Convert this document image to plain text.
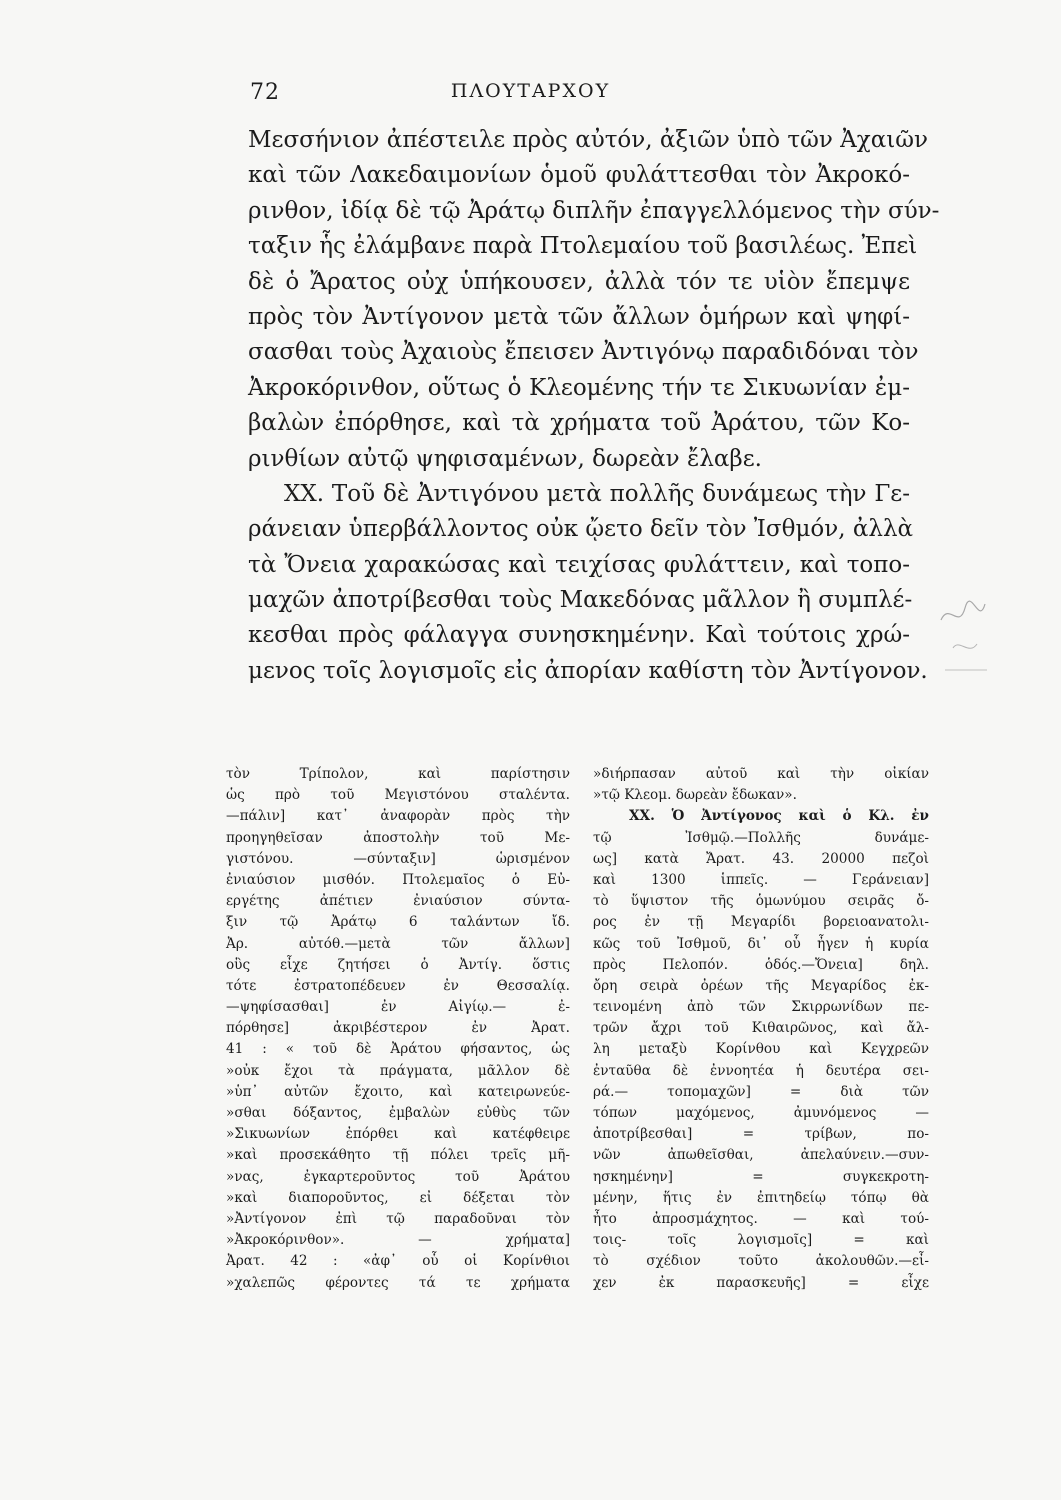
72	ΠΛΟΥΤΑΡΧΟΥ
Μεσσήνιον ἀπέστειλε πρὸς αὐτόν, ἀξιῶν ὑπὸ τῶν Ἀχαιῶν
καὶ τῶν Λακεδαιμονίων ὁμοῦ φυλάττεσθαι τὸν Ἀκροκό-
ρινθον, ἰδίᾳ δὲ τῷ Ἀράτῳ διπλῆν ἐπαγγελλόμενος τὴν σύν-
ταξιν ἧς ἐλάμβανε παρὰ Πτολεμαίου τοῦ βασιλέως. Ἐπεὶ
δὲ ὁ Ἄρατος οὐχ ὑπήκουσεν, ἀλλὰ τόν τε υἱὸν ἔπεμψε
πρὸς τὸν Ἀντίγονον μετὰ τῶν ἄλλων ὁμήρων καὶ ψηφί-
σασθαι τοὺς Ἀχαιοὺς ἔπεισεν Ἀντιγόνῳ παραδιδόναι τὸν
Ἀκροκόρινθον, οὕτως ὁ Κλεομένης τήν τε Σικυωνίαν ἐμ-
βαλὼν ἐπόρθησε, καὶ τὰ χρήματα τοῦ Ἀράτου, τῶν Κο-
ρινθίων αὐτῷ ψηφισαμένων, δωρεὰν ἔλαβε.
XX. Τοῦ δὲ Ἀντιγόνου μετὰ πολλῆς δυνάμεως τὴν Γε-
ράνειαν ὑπερβάλλοντος οὐκ ᾤετο δεῖν τὸν Ἰσθμόν, ἀλλὰ
τὰ Ὄνεια χαρακώσας καὶ τειχίσας φυλάττειν, καὶ τοπο-
μαχῶν ἀποτρίβεσθαι τοὺς Μακεδόνας μᾶλλον ἢ συμπλέ-
κεσθαι πρὸς φάλαγγα συνησκημένην. Καὶ τούτοις χρώ-
μενος τοῖς λογισμοῖς εἰς ἀπορίαν καθίστη τὸν Ἀντίγονον.
τὸν Τρίπολον, καὶ παρίστησιν
ὡς πρὸ τοῦ Μεγιστόνου σταλέντα.
—πάλιν] κατ᾽ ἀναφορὰν πρὸς τὴν
προηγηθεῖσαν ἀποστολὴν τοῦ Με-
γιστόνου. —σύνταξιν] ὡρισμένον
ἐνιαύσιον μισθόν. Πτολεμαῖος ὁ Εὐ-
εργέτης ἀπέτιεν ἐνιαύσιον σύντα-
ξιν τῷ Ἀράτῳ 6 ταλάντων ἴδ.
Ἀρ. αὐτόθ.—μετὰ τῶν ἄλλων]
οὓς εἶχε ζητήσει ὁ Ἀντίγ. ὅστις
τότε ἐστρατοπέδευεν ἐν Θεσσαλίᾳ.
—ψηφίσασθαι] ἐν Αἰγίῳ.— ἐ-
πόρθησε] ἀκριβέστερον ἐν Ἀρατ.
41 : « τοῦ δὲ Ἀράτου φήσαντος, ὡς
»οὐκ ἔχοι τὰ πράγματα, μᾶλλον δὲ
»ὑπ᾽ αὐτῶν ἔχοιτο, καὶ κατειρωνεύε-
»σθαι δόξαντος, ἐμβαλὼν εὐθὺς τῶν
»Σικυωνίων ἐπόρθει καὶ κατέφθειρε
»καὶ προσεκάθητο τῇ πόλει τρεῖς μῆ-
»νας, ἐγκαρτεροῦντος τοῦ Ἀράτου
»καὶ διαποροῦντος, εἰ δέξεται τὸν
»Ἀντίγονον ἐπὶ τῷ παραδοῦναι τὸν
»Ἀκροκόρινθον». — χρήματα]
Ἀρατ. 42 : «ἀφ᾽ οὗ οἱ Κορίνθιοι
»χαλεπῶς φέροντες τά τε χρήματα
»διήρπασαν αὐτοῦ καὶ τὴν οἰκίαν
»τῷ Κλεομ. δωρεὰν ἔδωκαν».
XX. Ὁ Ἀντίγονος καὶ ὁ Κλ. ἐν
τῷ Ἰσθμῷ.—Πολλῆς δυνάμε-
ως] κατὰ Ἄρατ. 43. 20000 πεζοὶ
καὶ 1300 ἱππεῖς. — Γεράνειαν]
τὸ ὕψιστον τῆς ὁμωνύμου σειρᾶς ὄ-
ρος ἐν τῇ Μεγαρίδι βορειοανατολι-
κῶς τοῦ Ἰσθμοῦ, δι᾽ οὗ ἦγεν ἡ κυρία
πρὸς Πελοπόν. ὁδός.—Ὄνεια] δηλ.
ὄρη σειρὰ ὀρέων τῆς Μεγαρίδος ἐκ-
τεινομένη ἀπὸ τῶν Σκιρρωνίδων πε-
τρῶν ἄχρι τοῦ Κιθαιρῶνος, καὶ ἄλ-
λη μεταξὺ Κορίνθου καὶ Κεγχρεῶν
ἐνταῦθα δὲ ἐννοητέα ἡ δευτέρα σει-
ρά.— τοπομαχῶν] = διὰ τῶν
τόπων μαχόμενος, ἀμυνόμενος —
ἀποτρίβεσθαι] = τρίβων, πο-
νῶν ἀπωθεῖσθαι, ἀπελαύνειν.—συν-
ησκημένην] = συγκεκροτη-
μένην, ἥτις ἐν ἐπιτηδείῳ τόπῳ θὰ
ἦτο ἀπροσμάχητος. — καὶ τού-
τοις- τοῖς λογισμοῖς] = καὶ
τὸ σχέδιον τοῦτο ἀκολουθῶν.—εἶ-
χεν ἐκ παρασκευῆς] = εἶχε
